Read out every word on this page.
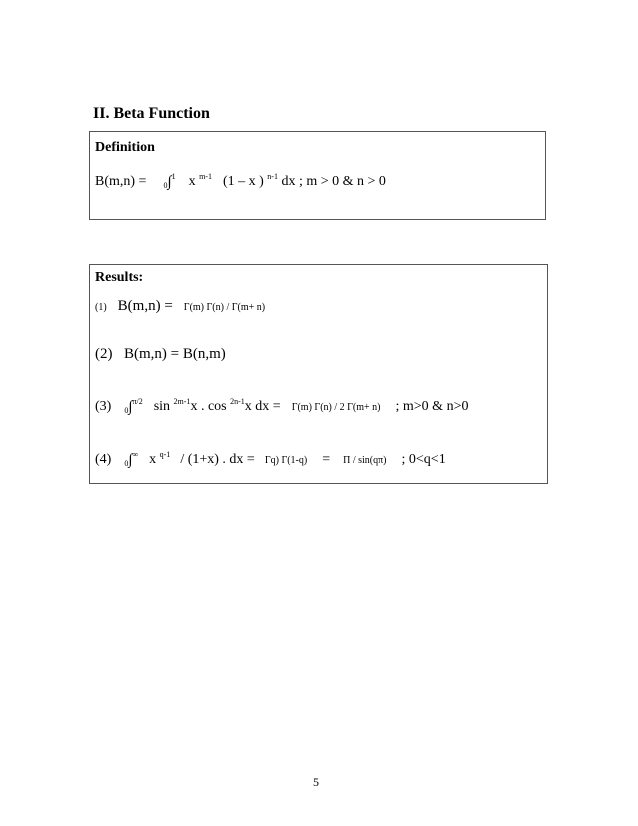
II. Beta Function
Definition
B(m,n) = $_0$∫$^1$ x $^{m-1}$ (1 – x ) $^{n-1}$ dx ; m > 0 & n > 0
Results:
(1) B(m,n) = Γ(m) Γ(n) / Γ(m+ n)
(2) B(m,n) = B(n,m)
(3) $_0$∫$^{\pi/2}$ sin $^{2m-1}$x . cos $^{2n-1}$x dx = Γ(m) Γ(n) / 2 Γ(m+ n) ; m>0 & n>0
(4) $_0$∫∞ x $^{q-1}$ / (1+x) . dx = Γq) Γ(1-q) = Π / sin(qπ) ; 0<q<1
5
